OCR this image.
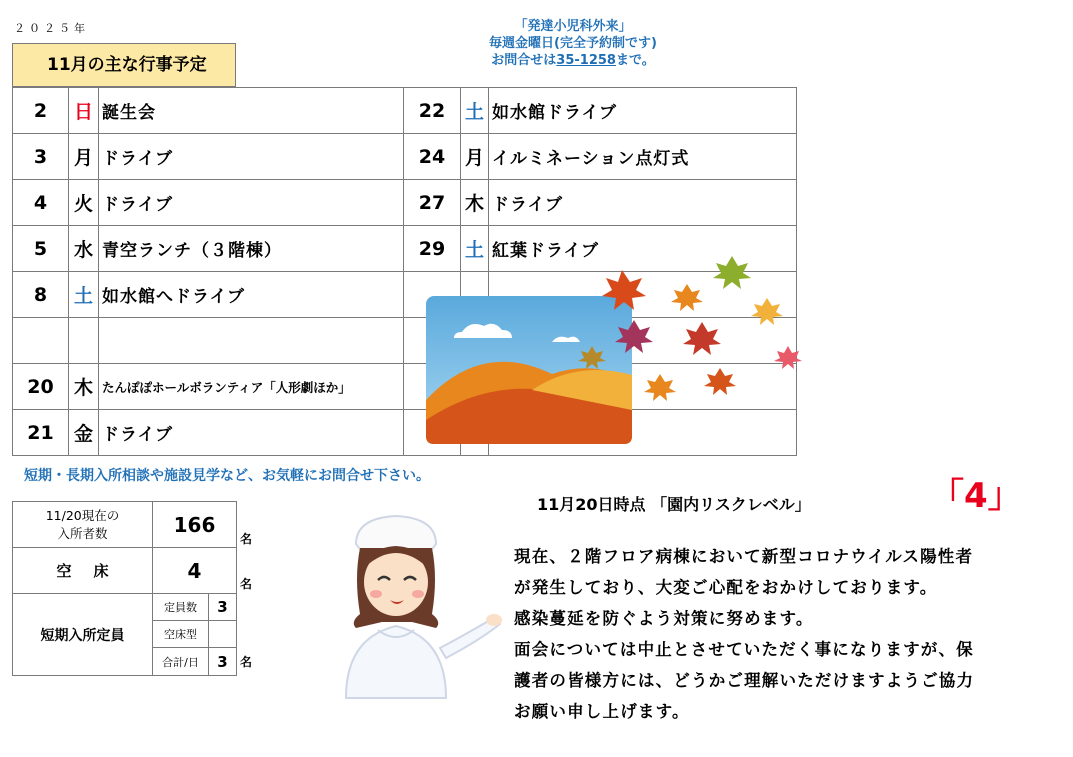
２０２５年
11月の主な行事予定
「発達小児科外来」
毎週金曜日(完全予約制です)
お問合せは35-1258まで。
2	日	誕生会	22	土	如水館ドライブ
3	月	ドライブ	24	月	イルミネーション点灯式
4	火	ドライブ	27	木	ドライブ
5	水	青空ランチ（３階棟）	29	土	紅葉ドライブ
8	土	如水館へドライブ			

20	木	たんぽぽホールボランティア「人形劇ほか」			
21	金	ドライブ			
短期・長期入所相談や施設見学など、お気軽にお問合せ下さい。
11/20現在の
入所者数	166	
空床	4	
短期入所定員	定員数	3
	空床型	
	合計/日	3
名
名
名
11月20日時点 「園内リスクレベル」	「4」

現在、２階フロア病棟において新型コロナウイルス陽性者

が発生しており、大変ご心配をおかけしております。

感染蔓延を防ぐよう対策に努めます。

面会については中止とさせていただく事になりますが、保

護者の皆様方には、どうかご理解いただけますようご協力

お願い申し上げます。
